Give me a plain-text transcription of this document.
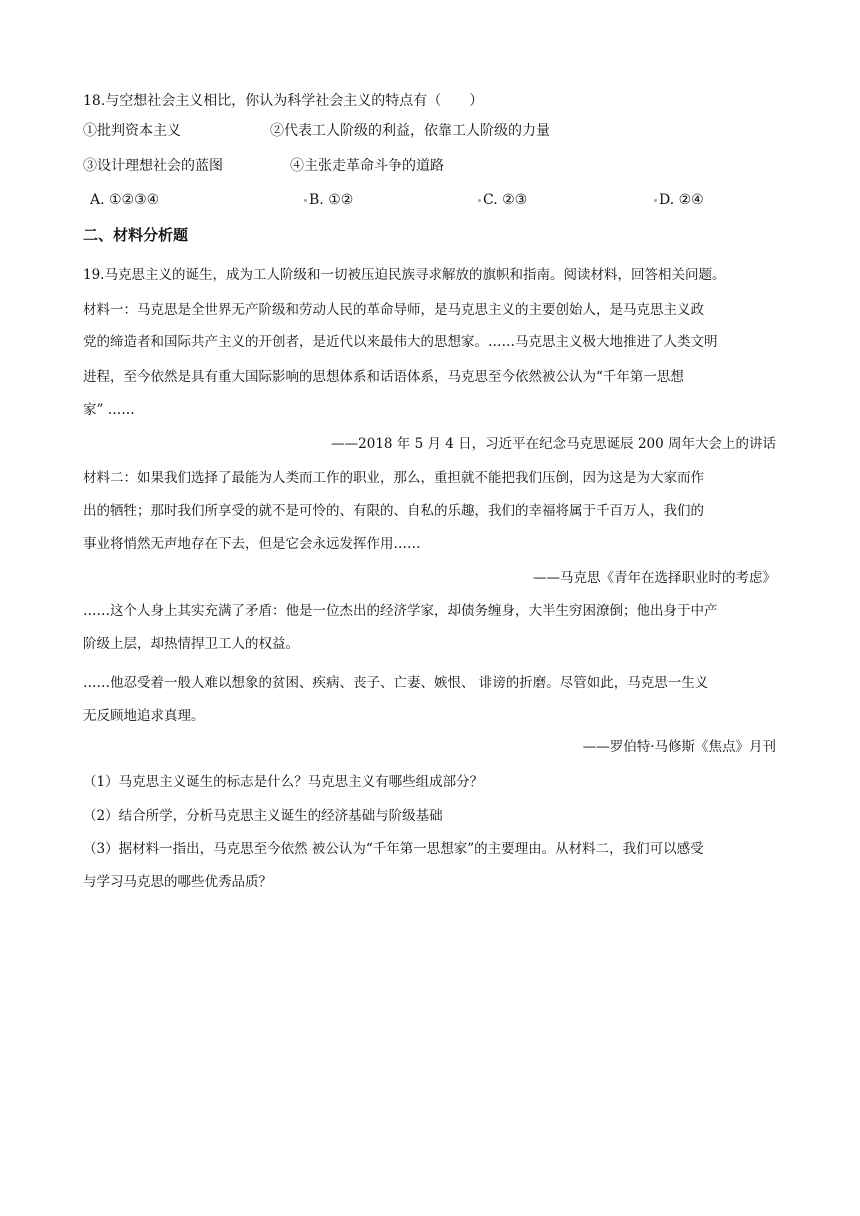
18.与空想社会主义相比，你认为科学社会主义的特点有（　　）
①批判资本主义	②代表工人阶级的利益，依靠工人阶级的力量
③设计理想社会的蓝图	④主张走革命斗争的道路
A. ①②③④	B. ①②	C. ②③	D. ②④
二、材料分析题
19.马克思主义的诞生，成为工人阶级和一切被压迫民族寻求解放的旗帜和指南。阅读材料，回答相关问题。
材料一：马克思是全世界无产阶级和劳动人民的革命导师，是马克思主义的主要创始人，是马克思主义政
党的缔造者和国际共产主义的开创者，是近代以来最伟大的思想家。……马克思主义极大地推进了人类文明
进程，至今依然是具有重大国际影响的思想体系和话语体系，马克思至今依然被公认为“千年第一思想
家” ……
——2018 年 5 月 4 日，习近平在纪念马克思诞辰 200 周年大会上的讲话
材料二：如果我们选择了最能为人类而工作的职业，那么，重担就不能把我们压倒，因为这是为大家而作
出的牺牲；那时我们所享受的就不是可怜的、有限的、自私的乐趣，我们的幸福将属于千百万人，我们的
事业将悄然无声地存在下去，但是它会永远发挥作用……
——马克思《青年在选择职业时的考虑》
……这个人身上其实充满了矛盾：他是一位杰出的经济学家，却债务缠身，大半生穷困潦倒；他出身于中产
阶级上层，却热情捍卫工人的权益。
……他忍受着一般人难以想象的贫困、疾病、丧子、亡妻、嫉恨、 诽谤的折磨。尽管如此，马克思一生义
无反顾地追求真理。
——罗伯特·马修斯《焦点》月刊
（1）马克思主义诞生的标志是什么？马克思主义有哪些组成部分？
（2）结合所学，分析马克思主义诞生的经济基础与阶级基础
（3）据材料一指出，马克思至今依然 被公认为“千年第一思想家”的主要理由。从材料二，我们可以感受
与学习马克思的哪些优秀品质？
